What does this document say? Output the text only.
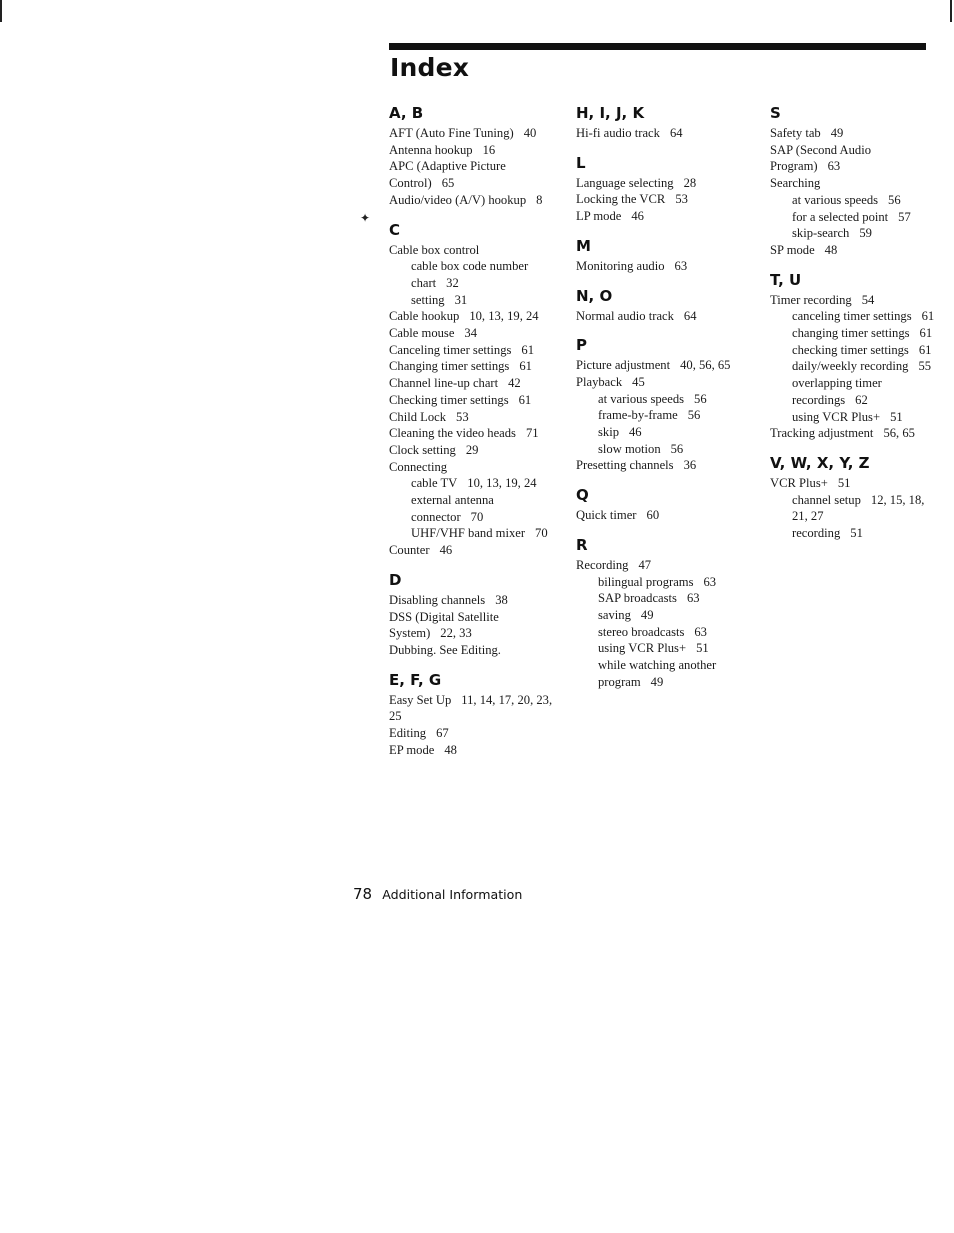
Index
✦
A, B
AFT (Auto Fine Tuning) 40
Antenna hookup 16
APC (Adaptive Picture Control) 65
Audio/video (A/V) hookup 8
C
Cable box control
cable box code number chart 32
setting 31
Cable hookup 10, 13, 19, 24
Cable mouse 34
Canceling timer settings 61
Changing timer settings 61
Channel line-up chart 42
Checking timer settings 61
Child Lock 53
Cleaning the video heads 71
Clock setting 29
Connecting
cable TV 10, 13, 19, 24
external antenna connector 70
UHF/VHF band mixer 70
Counter 46
D
Disabling channels 38
DSS (Digital Satellite System) 22, 33
Dubbing. See Editing.
E, F, G
Easy Set Up 11, 14, 17, 20, 23, 25
Editing 67
EP mode 48
H, I, J, K
Hi-fi audio track 64
L
Language selecting 28
Locking the VCR 53
LP mode 46
M
Monitoring audio 63
N, O
Normal audio track 64
P
Picture adjustment 40, 56, 65
Playback 45
at various speeds 56
frame-by-frame 56
skip 46
slow motion 56
Presetting channels 36
Q
Quick timer 60
R
Recording 47
bilingual programs 63
SAP broadcasts 63
saving 49
stereo broadcasts 63
using VCR Plus+ 51
while watching another program 49
S
Safety tab 49
SAP (Second Audio Program) 63
Searching
at various speeds 56
for a selected point 57
skip-search 59
SP mode 48
T, U
Timer recording 54
canceling timer settings 61
changing timer settings 61
checking timer settings 61
daily/weekly recording 55
overlapping timer recordings 62
using VCR Plus+ 51
Tracking adjustment 56, 65
V, W, X, Y, Z
VCR Plus+ 51
channel setup 12, 15, 18, 21, 27
recording 51
78 Additional Information
